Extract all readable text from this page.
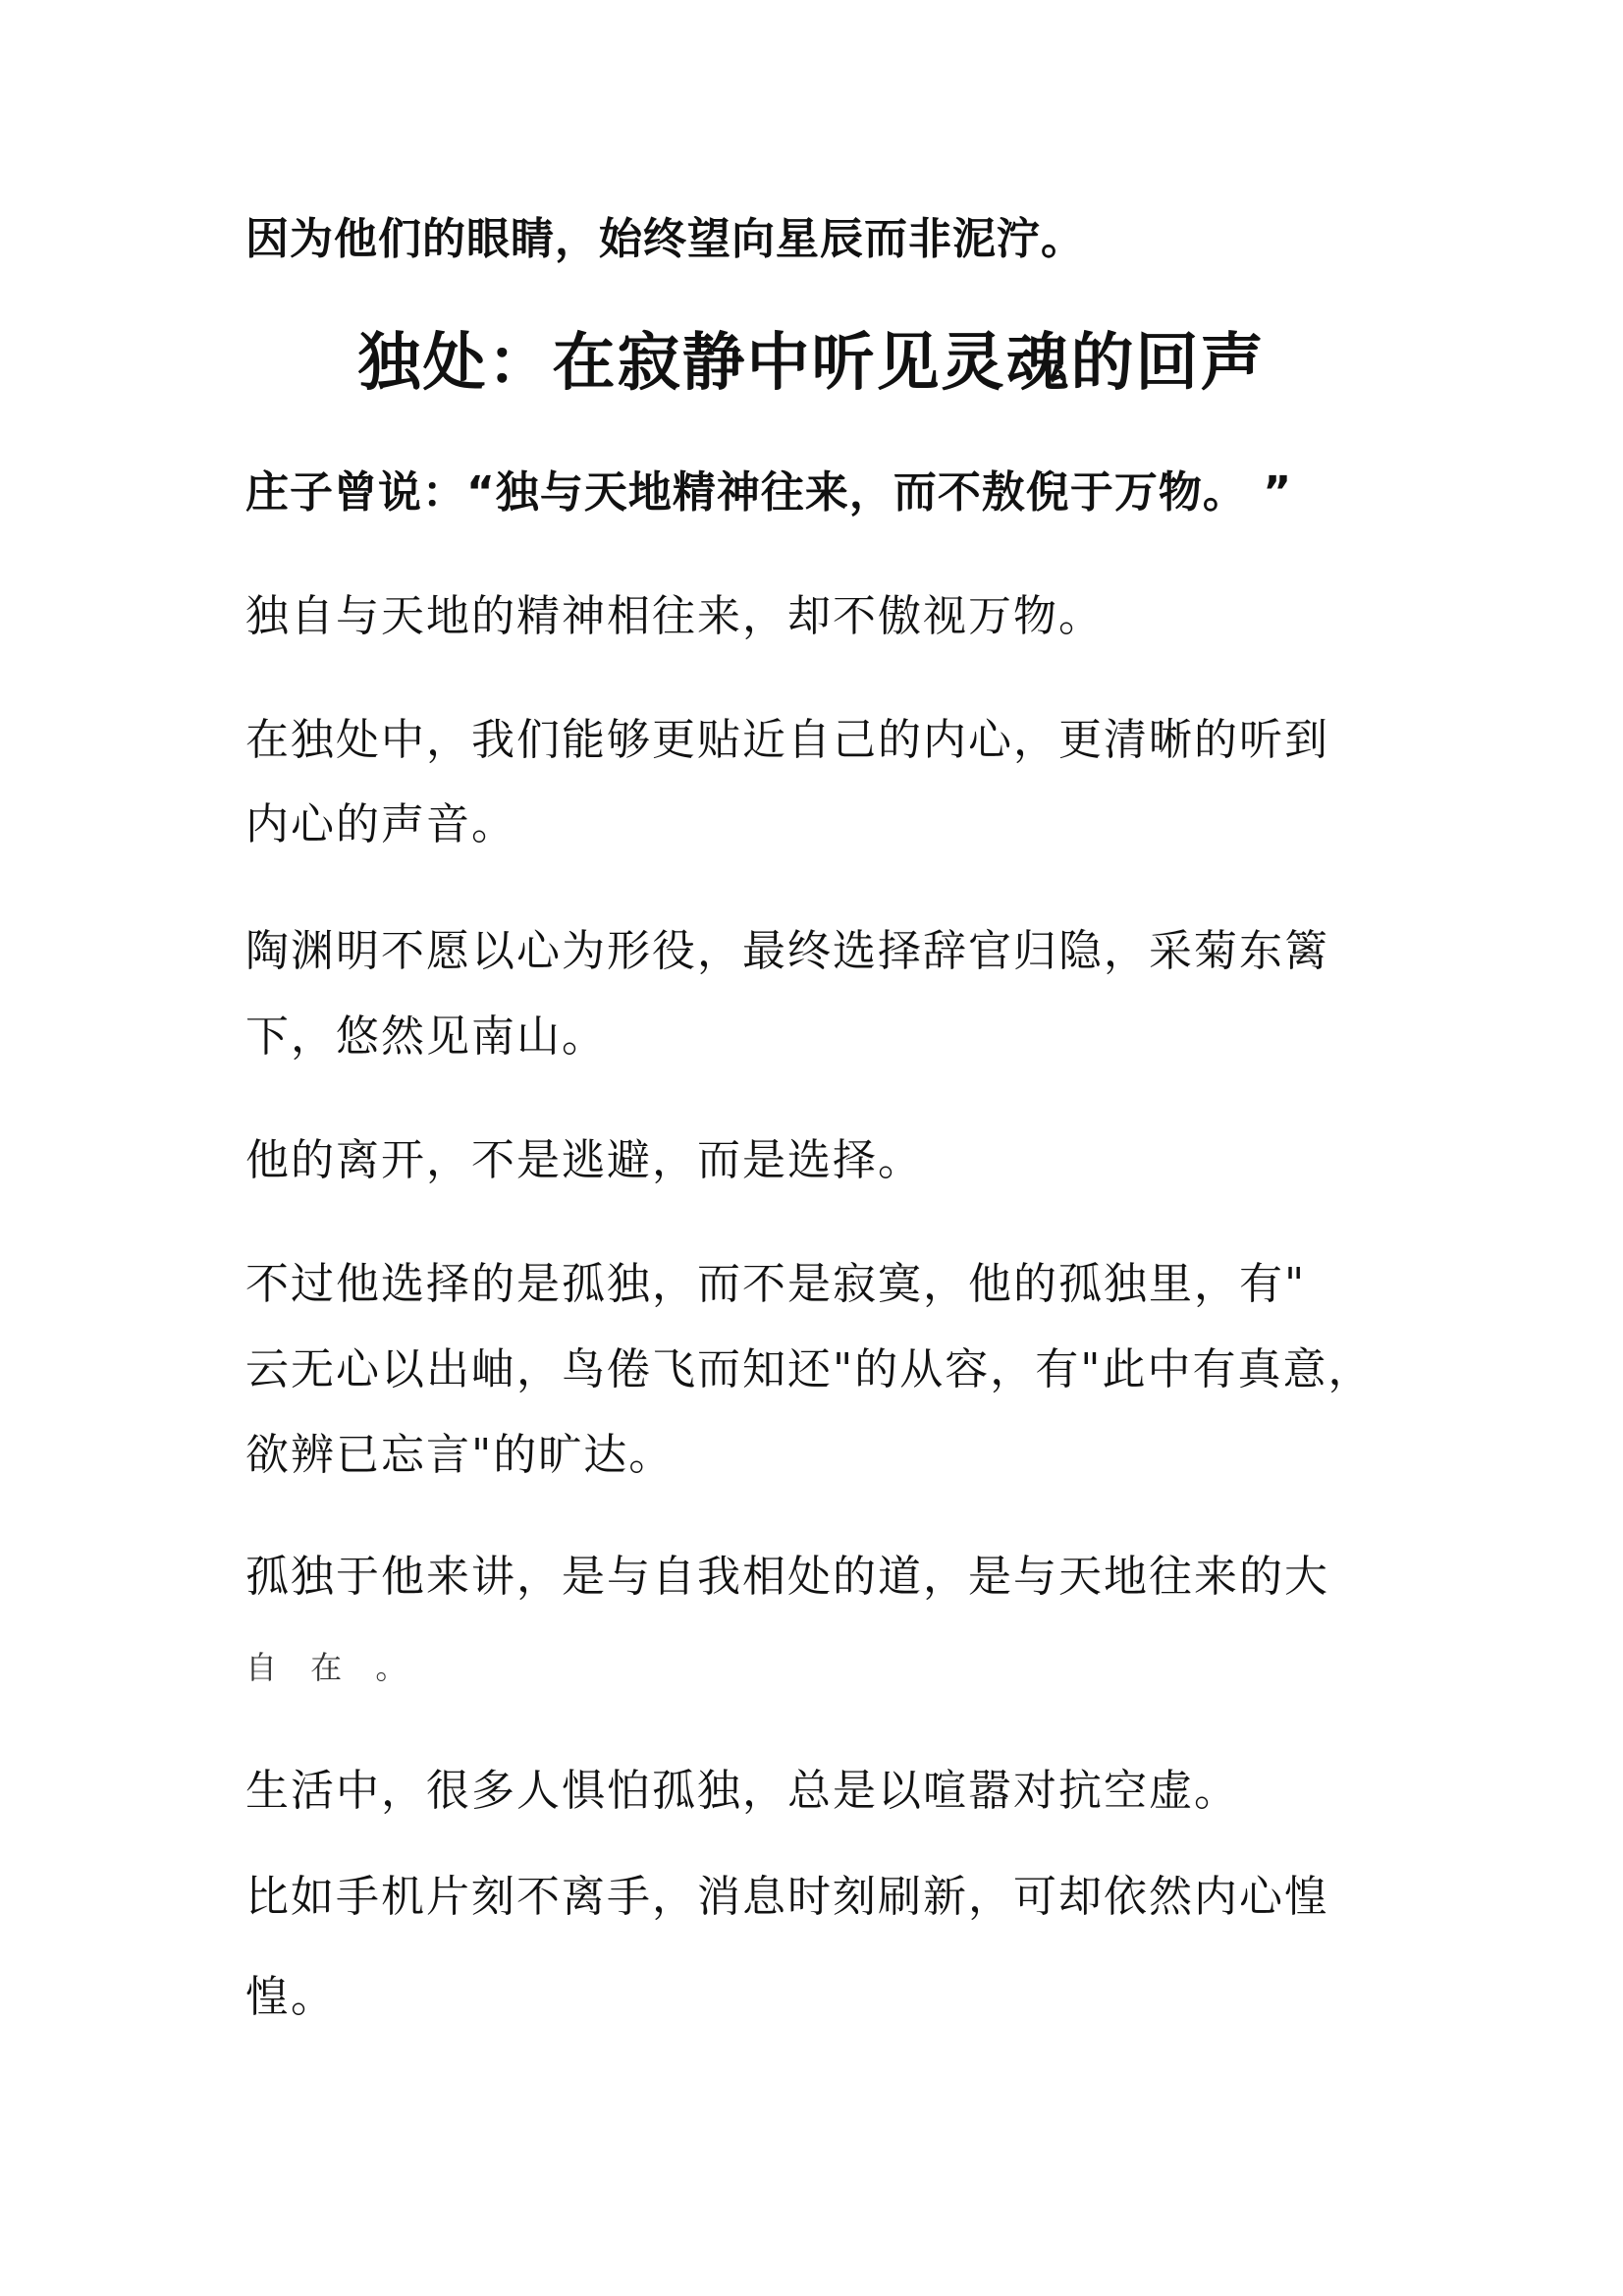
因为他们的眼睛，始终望向星辰而非泥泞。
独处：在寂静中听见灵魂的回声
庄子曾说：“独与天地精神往来，而不敖倪于万物。 ”
独自与天地的精神相往来，却不傲视万物。
在独处中，我们能够更贴近自己的内心，更清晰的听到
内心的声音。
陶渊明不愿以心为形役，最终选择辞官归隐，采菊东篱
下，悠然见南山。
他的离开，不是逃避，而是选择。
不过他选择的是孤独，而不是寂寞，他的孤独里，有"
云无心以出岫，鸟倦飞而知还"的从容，有"此中有真意，
欲辨已忘言"的旷达。
孤独于他来讲，是与自我相处的道，是与天地往来的大
自 在 。
生活中，很多人惧怕孤独，总是以喧嚣对抗空虚。
比如手机片刻不离手，消息时刻刷新，可却依然内心惶
惶。
